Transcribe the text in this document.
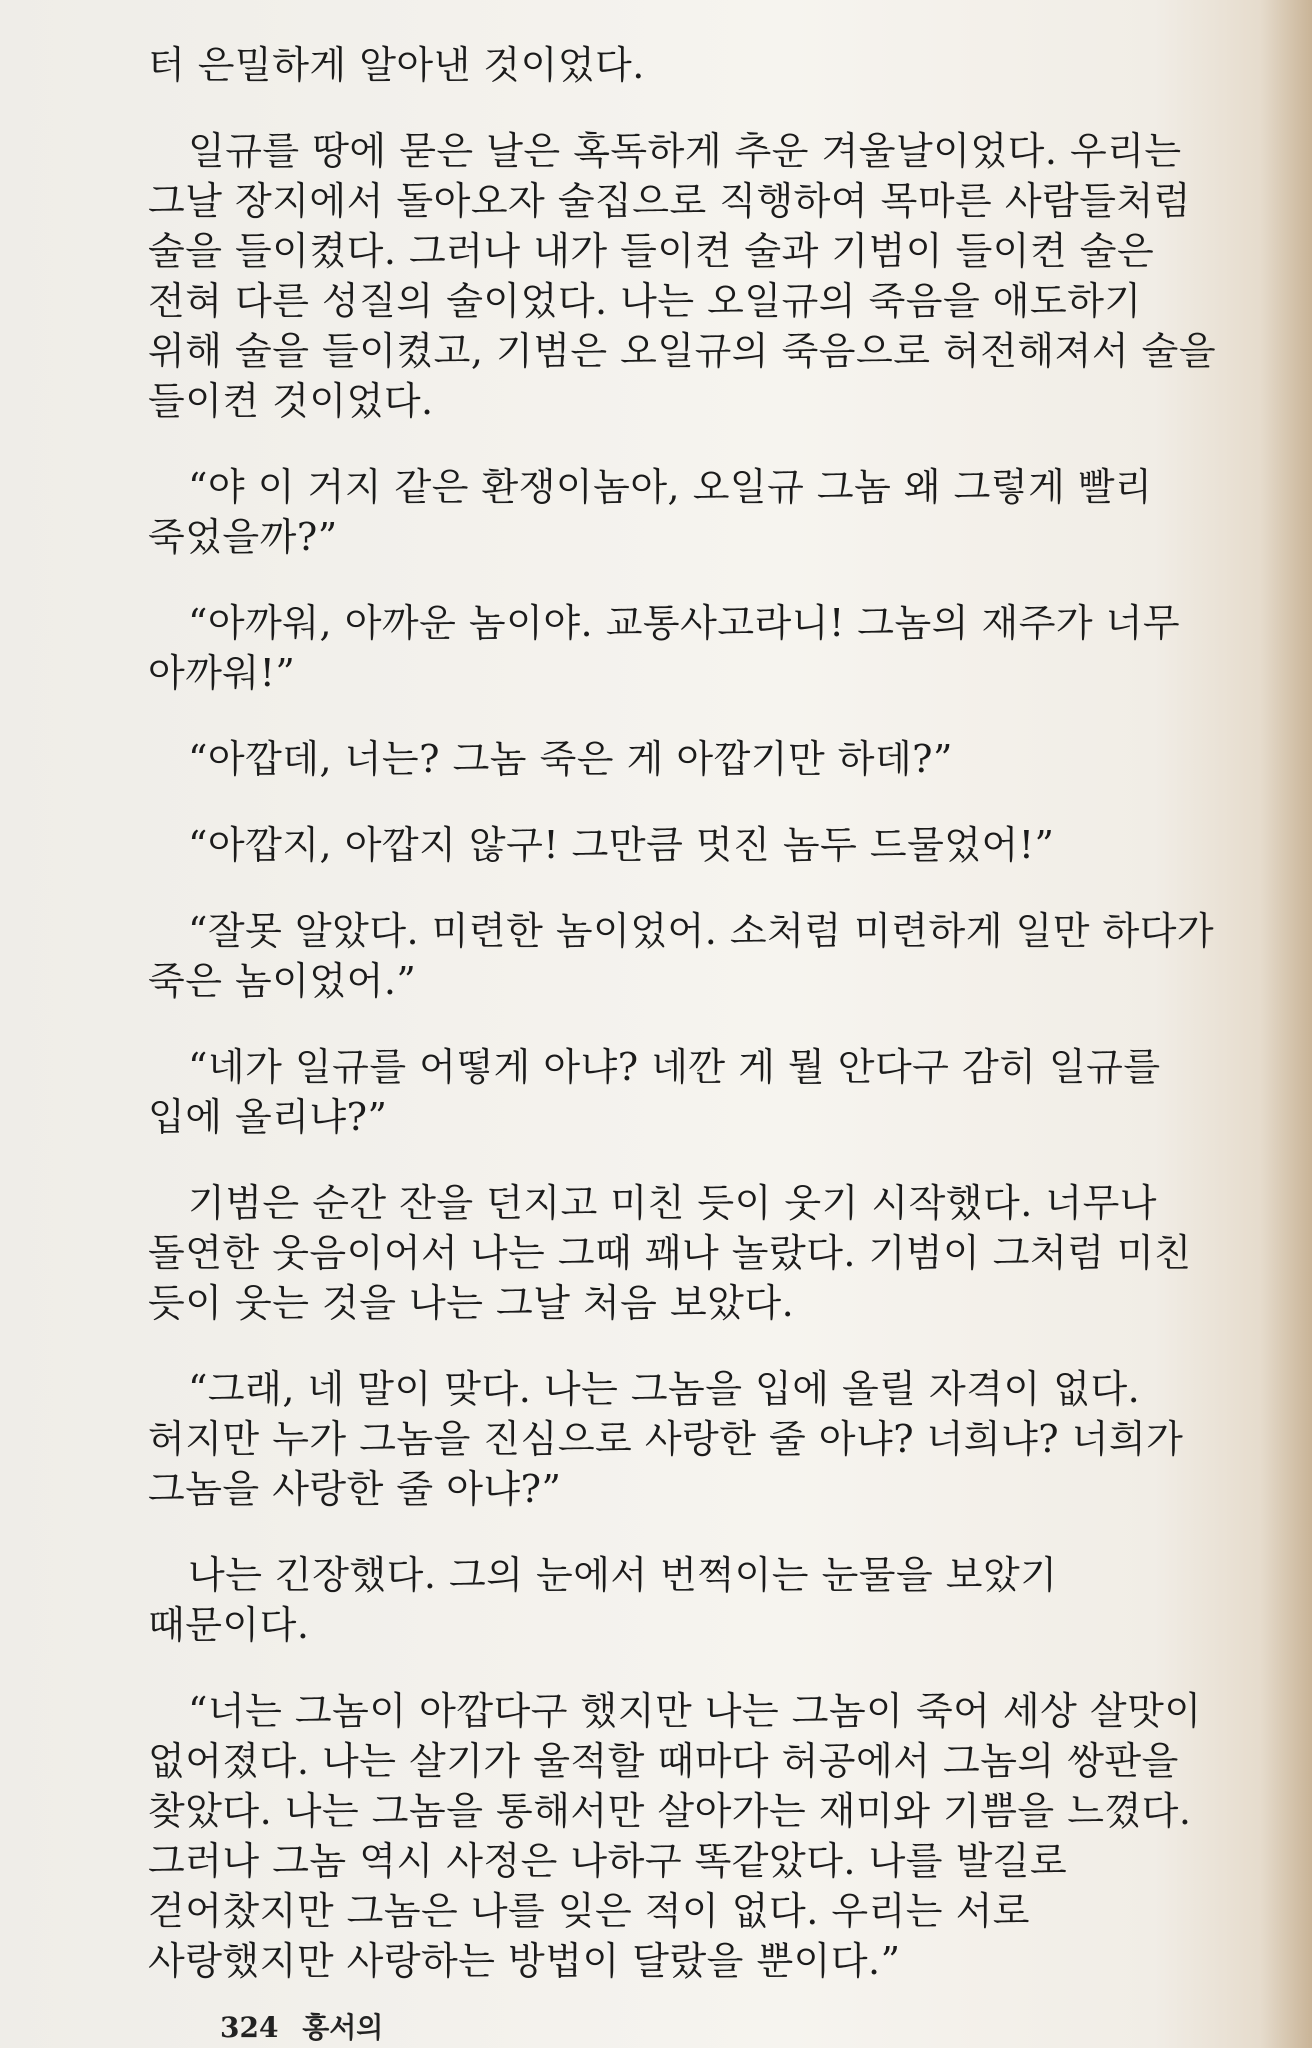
터 은밀하게 알아낸 것이었다.

일규를 땅에 묻은 날은 혹독하게 추운 겨울날이었다. 우리는 그날 장지에서 돌아오자 술집으로 직행하여 목마른 사람들처럼 술을 들이켰다. 그러나 내가 들이켠 술과 기범이 들이켠 술은 전혀 다른 성질의 술이었다. 나는 오일규의 죽음을 애도하기 위해 술을 들이켰고, 기범은 오일규의 죽음으로 허전해져서 술을 들이켠 것이었다.

“야 이 거지 같은 환쟁이놈아, 오일규 그놈 왜 그렇게 빨리 죽었을까?”

“아까워, 아까운 놈이야. 교통사고라니! 그놈의 재주가 너무 아까워!”

“아깝데, 너는? 그놈 죽은 게 아깝기만 하데?”

“아깝지, 아깝지 않구! 그만큼 멋진 놈두 드물었어!”

“잘못 알았다. 미련한 놈이었어. 소처럼 미련하게 일만 하다가 죽은 놈이었어.”

“네가 일규를 어떻게 아냐? 네깐 게 뭘 안다구 감히 일규를 입에 올리냐?”

기범은 순간 잔을 던지고 미친 듯이 웃기 시작했다. 너무나 돌연한 웃음이어서 나는 그때 꽤나 놀랐다. 기범이 그처럼 미친 듯이 웃는 것을 나는 그날 처음 보았다.

“그래, 네 말이 맞다. 나는 그놈을 입에 올릴 자격이 없다. 허지만 누가 그놈을 진심으로 사랑한 줄 아냐? 너희냐? 너희가 그놈을 사랑한 줄 아냐?”

나는 긴장했다. 그의 눈에서 번쩍이는 눈물을 보았기 때문이다.

“너는 그놈이 아깝다구 했지만 나는 그놈이 죽어 세상 살맛이 없어졌다. 나는 살기가 울적할 때마다 허공에서 그놈의 쌍판을 찾았다. 나는 그놈을 통해서만 살아가는 재미와 기쁨을 느꼈다. 그러나 그놈 역시 사정은 나하구 똑같았다. 나를 발길로 걷어찼지만 그놈은 나를 잊은 적이 없다. 우리는 서로 사랑했지만 사랑하는 방법이 달랐을 뿐이다.”

324 홍서의
